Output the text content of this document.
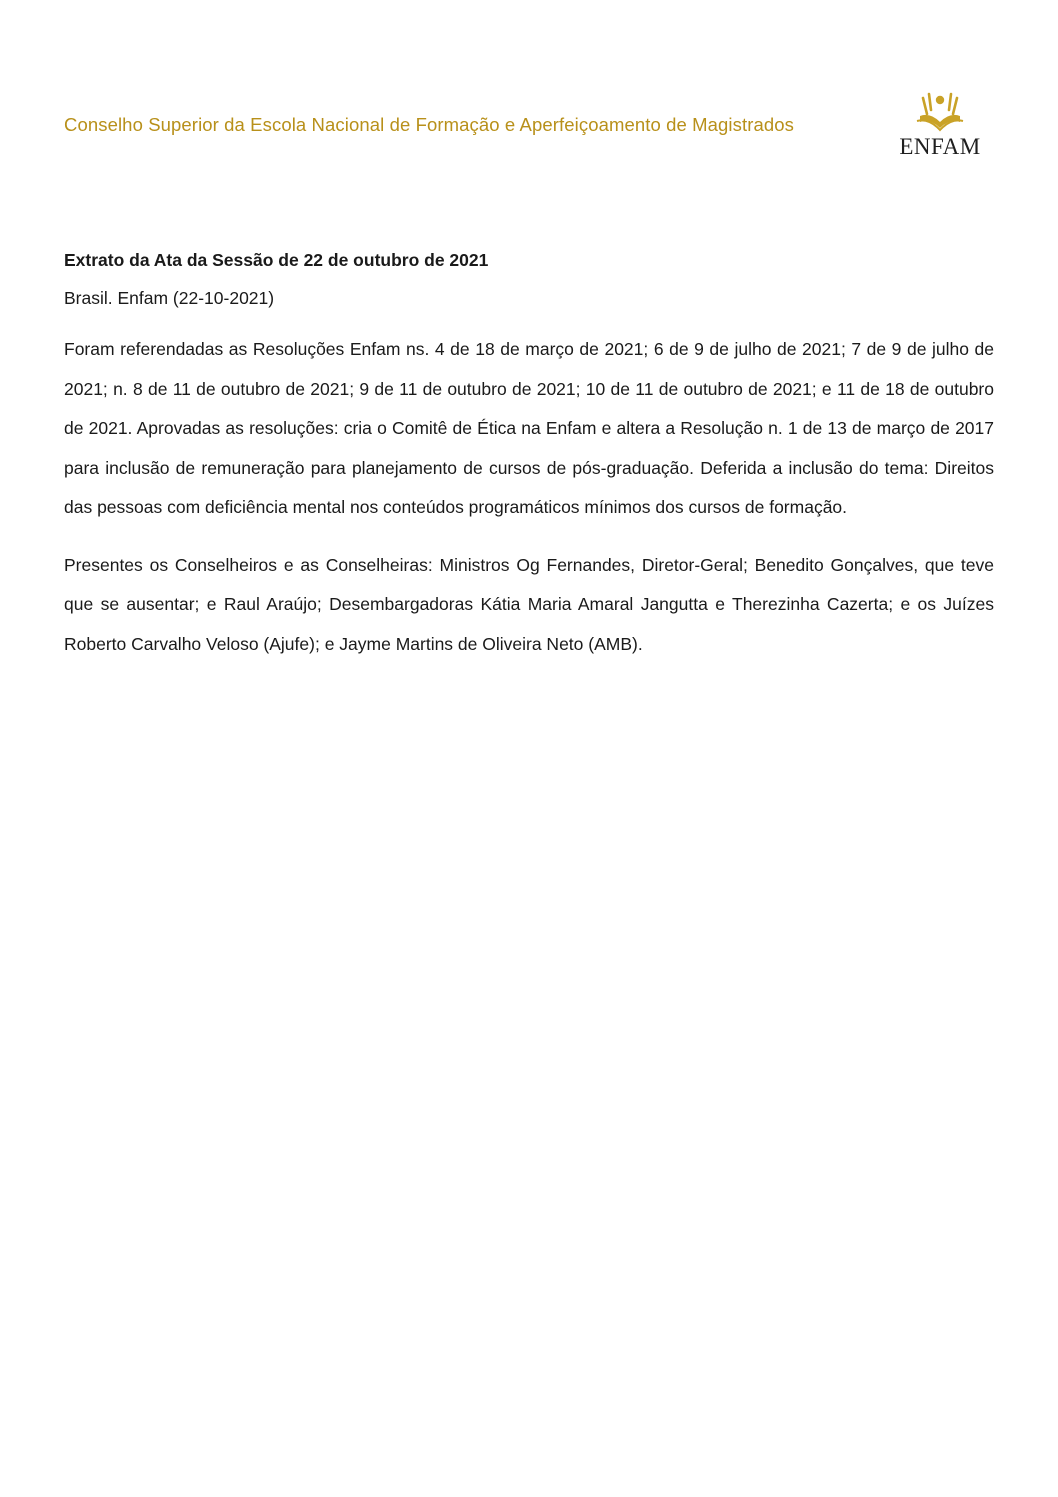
Conselho Superior da Escola Nacional de Formação e Aperfeiçoamento de Magistrados
ENFAM

Extrato da Ata da Sessão de 22 de outubro de 2021

Brasil. Enfam (22-10-2021)

Foram referendadas as Resoluções Enfam ns. 4 de 18 de março de 2021; 6 de 9 de julho de 2021; 7 de 9 de julho de 2021; n. 8 de 11 de outubro de 2021; 9 de 11 de outubro de 2021; 10 de 11 de outubro de 2021; e 11 de 18 de outubro de 2021. Aprovadas as resoluções: cria o Comitê de Ética na Enfam e altera a Resolução n. 1 de 13 de março de 2017 para inclusão de remuneração para planejamento de cursos de pós-graduação. Deferida a inclusão do tema: Direitos das pessoas com deficiência mental nos conteúdos programáticos mínimos dos cursos de formação.

Presentes os Conselheiros e as Conselheiras: Ministros Og Fernandes, Diretor-Geral; Benedito Gonçalves, que teve que se ausentar; e Raul Araújo; Desembargadoras Kátia Maria Amaral Jangutta e Therezinha Cazerta; e os Juízes Roberto Carvalho Veloso (Ajufe); e Jayme Martins de Oliveira Neto (AMB).
